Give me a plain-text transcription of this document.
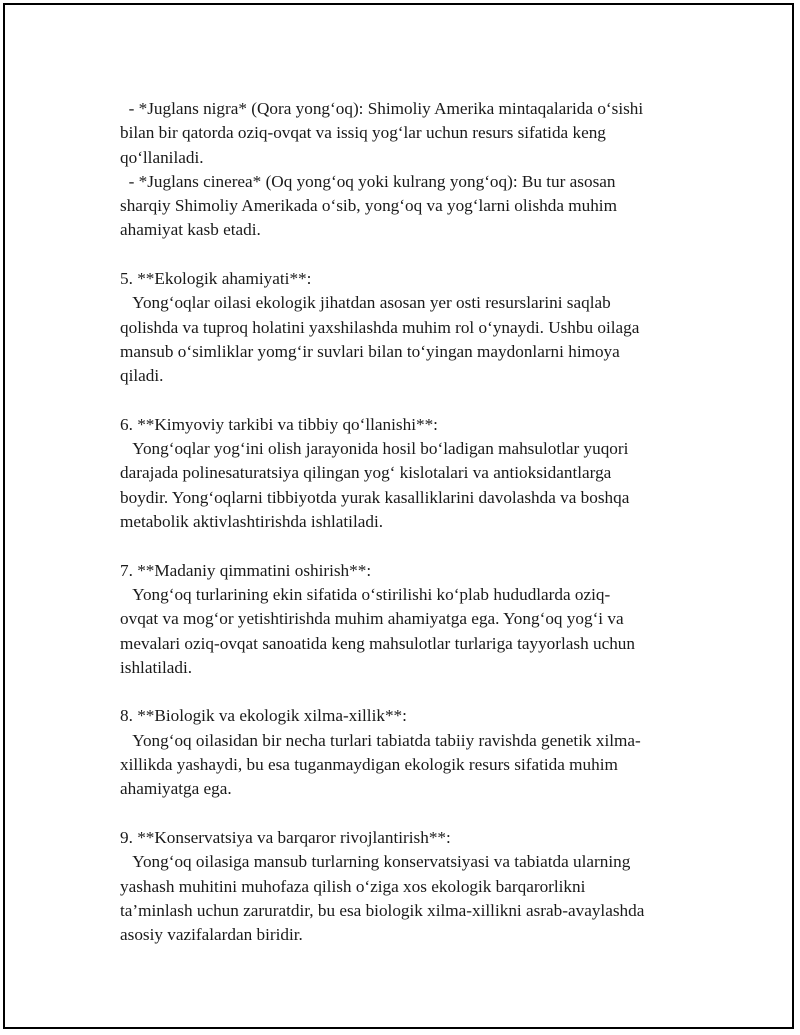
- *Juglans nigra* (Qora yong‘oq): Shimoliy Amerika mintaqalarida o‘sishi
bilan bir qatorda oziq-ovqat va issiq yog‘lar uchun resurs sifatida keng
qo‘llaniladi.
- *Juglans cinerea* (Oq yong‘oq yoki kulrang yong‘oq): Bu tur asosan
sharqiy Shimoliy Amerikada o‘sib, yong‘oq va yog‘larni olishda muhim
ahamiyat kasb etadi.
5. **Ekologik ahamiyati**:
Yong‘oqlar oilasi ekologik jihatdan asosan yer osti resurslarini saqlab
qolishda va tuproq holatini yaxshilashda muhim rol o‘ynaydi. Ushbu oilaga
mansub o‘simliklar yomg‘ir suvlari bilan to‘yingan maydonlarni himoya
qiladi.
6. **Kimyoviy tarkibi va tibbiy qo‘llanishi**:
Yong‘oqlar yog‘ini olish jarayonida hosil bo‘ladigan mahsulotlar yuqori
darajada polinesaturatsiya qilingan yog‘ kislotalari va antioksidantlarga
boydir. Yong‘oqlarni tibbiyotda yurak kasalliklarini davolashda va boshqa
metabolik aktivlashtirishda ishlatiladi.
7. **Madaniy qimmatini oshirish**:
Yong‘oq turlarining ekin sifatida o‘stirilishi ko‘plab hududlarda oziq-
ovqat va mog‘or yetishtirishda muhim ahamiyatga ega. Yong‘oq yog‘i va
mevalari oziq-ovqat sanoatida keng mahsulotlar turlariga tayyorlash uchun
ishlatiladi.
8. **Biologik va ekologik xilma-xillik**:
Yong‘oq oilasidan bir necha turlari tabiatda tabiiy ravishda genetik xilma-
xillikda yashaydi, bu esa tuganmaydigan ekologik resurs sifatida muhim
ahamiyatga ega.
9. **Konservatsiya va barqaror rivojlantirish**:
Yong‘oq oilasiga mansub turlarning konservatsiyasi va tabiatda ularning
yashash muhitini muhofaza qilish o‘ziga xos ekologik barqarorlikni
ta’minlash uchun zaruratdir, bu esa biologik xilma-xillikni asrab-avaylashda
asosiy vazifalardan biridir.
